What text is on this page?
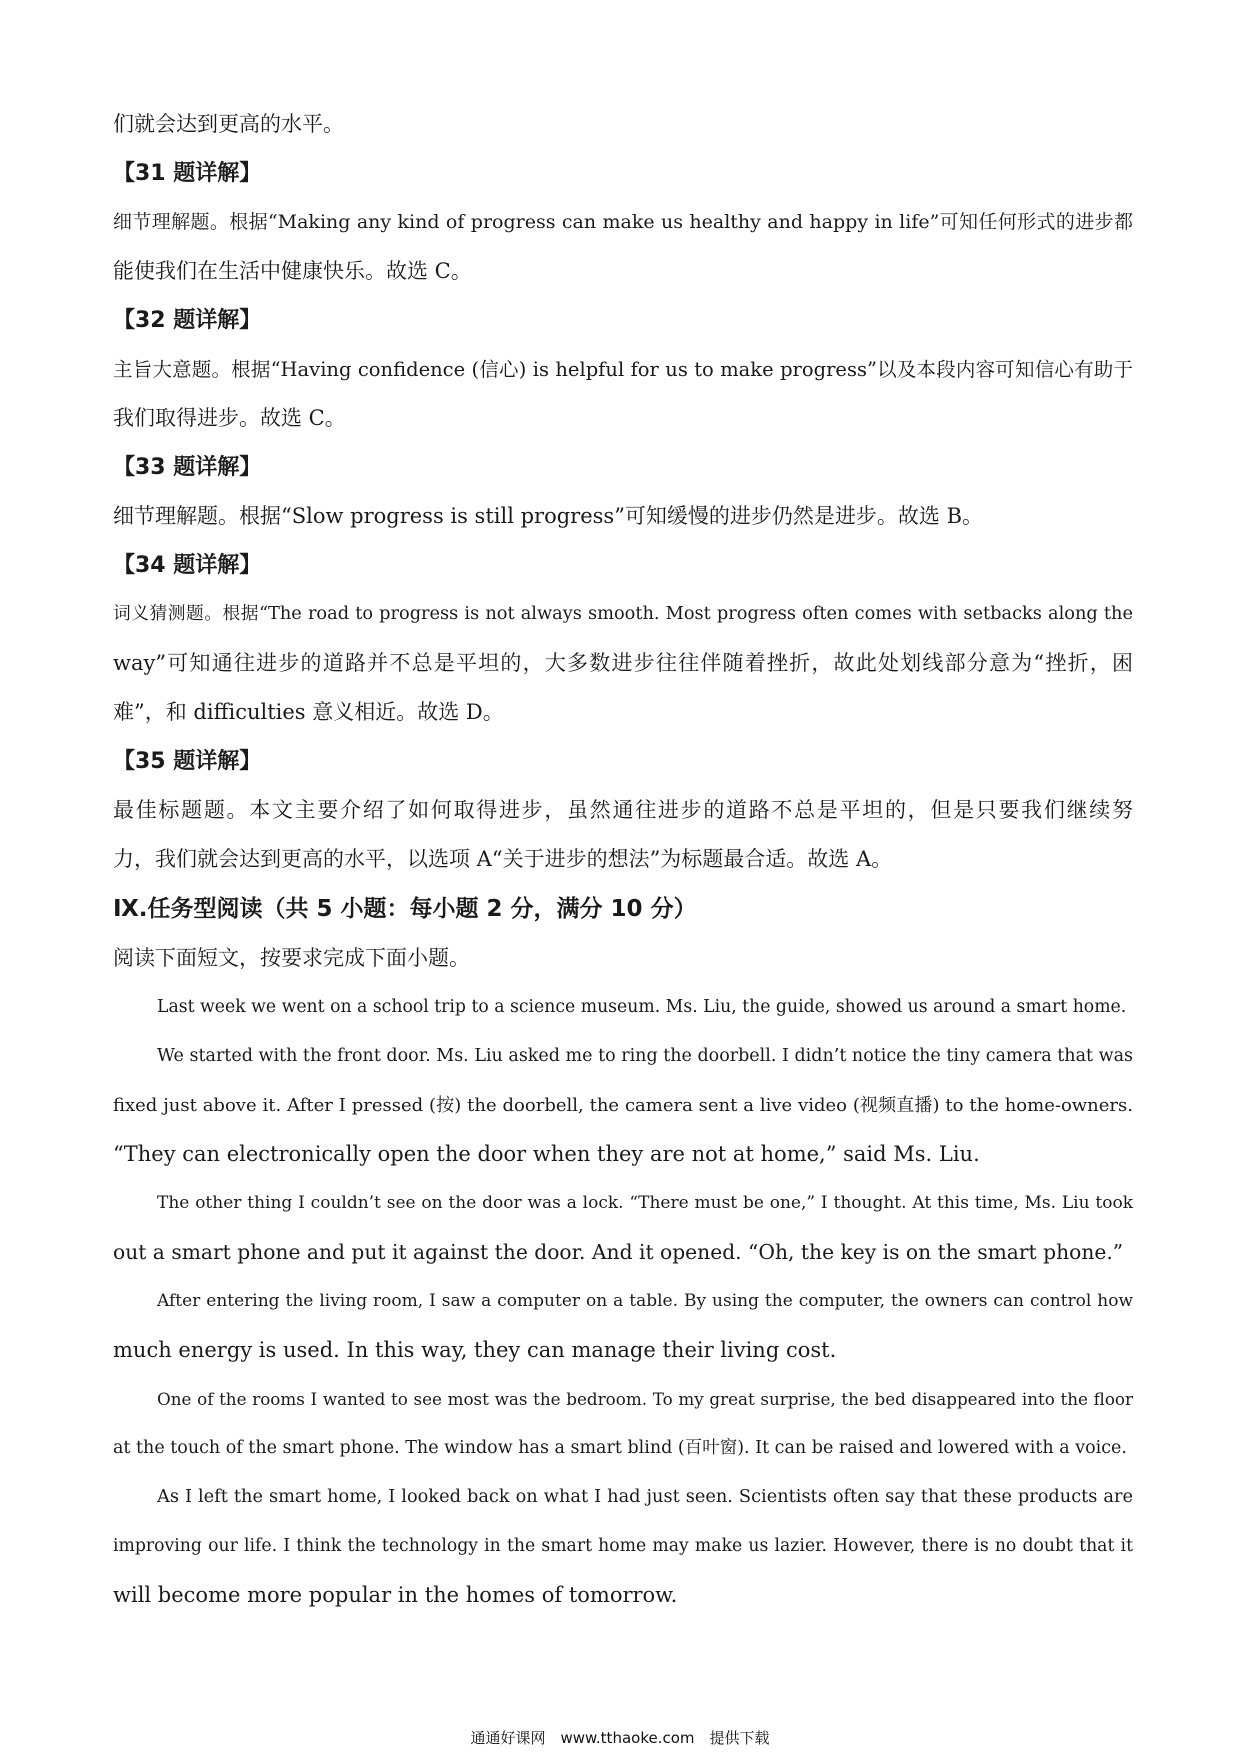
们就会达到更高的水平。
【31 题详解】
细节理解题。根据“Making any kind of progress can make us healthy and happy in life”可知任何形式的进步都
能使我们在生活中健康快乐。故选 C。
【32 题详解】
主旨大意题。根据“Having confidence (信心) is helpful for us to make progress”以及本段内容可知信心有助于
我们取得进步。故选 C。
【33 题详解】
细节理解题。根据“Slow progress is still progress”可知缓慢的进步仍然是进步。故选 B。
【34 题详解】
词义猜测题。根据“The road to progress is not always smooth. Most progress often comes with setbacks along the
way”可知通往进步的道路并不总是平坦的，大多数进步往往伴随着挫折，故此处划线部分意为“挫折，困
难”，和 difficulties 意义相近。故选 D。
【35 题详解】
最佳标题题。本文主要介绍了如何取得进步，虽然通往进步的道路不总是平坦的，但是只要我们继续努
力，我们就会达到更高的水平，以选项 A“关于进步的想法”为标题最合适。故选 A。
Ⅸ.任务型阅读（共 5 小题：每小题 2 分，满分 10 分）
阅读下面短文，按要求完成下面小题。
Last week we went on a school trip to a science museum. Ms. Liu, the guide, showed us around a smart home.
We started with the front door. Ms. Liu asked me to ring the doorbell. I didn’t notice the tiny camera that was
fixed just above it. After I pressed (按) the doorbell, the camera sent a live video (视频直播) to the home-owners.
“They can electronically open the door when they are not at home,” said Ms. Liu.
The other thing I couldn’t see on the door was a lock. “There must be one,” I thought. At this time, Ms. Liu took
out a smart phone and put it against the door. And it opened. “Oh, the key is on the smart phone.”
After entering the living room, I saw a computer on a table. By using the computer, the owners can control how
much energy is used. In this way, they can manage their living cost.
One of the rooms I wanted to see most was the bedroom. To my great surprise, the bed disappeared into the floor
at the touch of the smart phone. The window has a smart blind (百叶窗). It can be raised and lowered with a voice.
As I left the smart home, I looked back on what I had just seen. Scientists often say that these products are
improving our life. I think the technology in the smart home may make us lazier. However, there is no doubt that it
will become more popular in the homes of tomorrow.
通通好课网　www.tthaoke.com　提供下载
